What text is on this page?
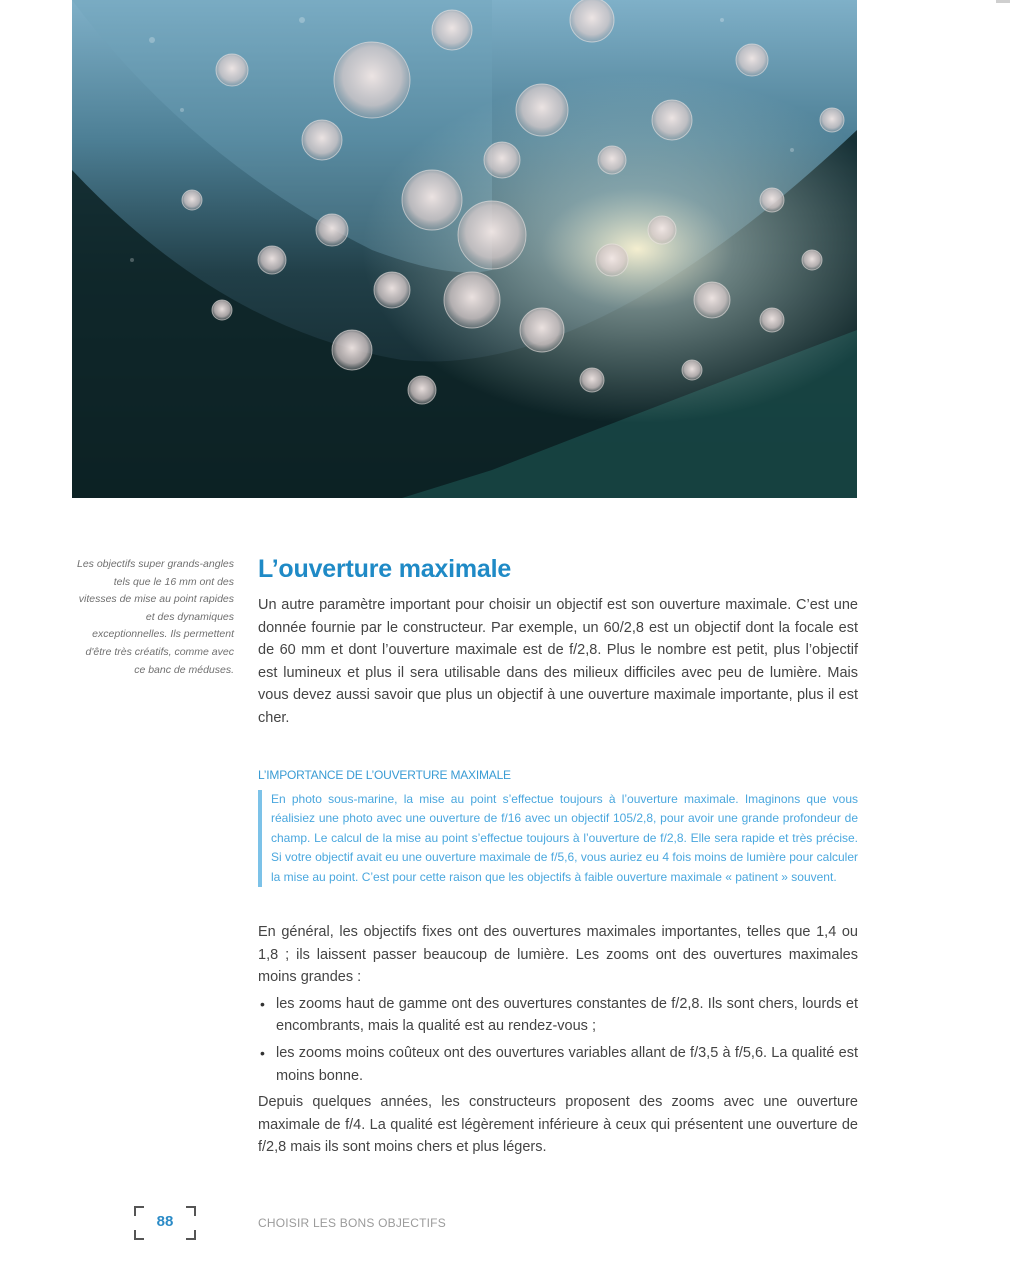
Les objectifs super grands-angles tels que le 16 mm ont des vitesses de mise au point rapides et des dynamiques exceptionnelles. Ils permettent d'être très créatifs, comme avec ce banc de méduses.
L’ouverture maximale

Un autre paramètre important pour choisir un objectif est son ouverture maximale. C’est une donnée fournie par le constructeur. Par exemple, un 60/2,8 est un objectif dont la focale est de 60 mm et dont l’ouverture maximale est de f/2,8. Plus le nombre est petit, plus l’objectif est lumineux et plus il sera utilisable dans des milieux difficiles avec peu de lumière. Mais vous devez aussi savoir que plus un objectif à une ouverture maximale importante, plus il est cher.

L’IMPORTANCE DE L’OUVERTURE MAXIMALE
En photo sous-marine, la mise au point s’effectue toujours à l’ouverture maximale. Imaginons que vous réalisiez une photo avec une ouverture de f/16 avec un objectif 105/2,8, pour avoir une grande profondeur de champ. Le calcul de la mise au point s’effectue toujours à l’ouverture de f/2,8. Elle sera rapide et très précise. Si votre objectif avait eu une ouverture maximale de f/5,6, vous auriez eu 4 fois moins de lumière pour calculer la mise au point. C’est pour cette raison que les objectifs à faible ouverture maximale « patinent » souvent.

En général, les objectifs fixes ont des ouvertures maximales importantes, telles que 1,4 ou 1,8 ; ils laissent passer beaucoup de lumière. Les zooms ont des ouvertures maximales moins grandes :

• les zooms haut de gamme ont des ouvertures constantes de f/2,8. Ils sont chers, lourds et encombrants, mais la qualité est au rendez-vous ;
• les zooms moins coûteux ont des ouvertures variables allant de f/3,5 à f/5,6. La qualité est moins bonne.

Depuis quelques années, les constructeurs proposent des zooms avec une ouverture maximale de f/4. La qualité est légèrement inférieure à ceux qui présentent une ouverture de f/2,8 mais ils sont moins chers et plus légers.

88	CHOISIR LES BONS OBJECTIFS
